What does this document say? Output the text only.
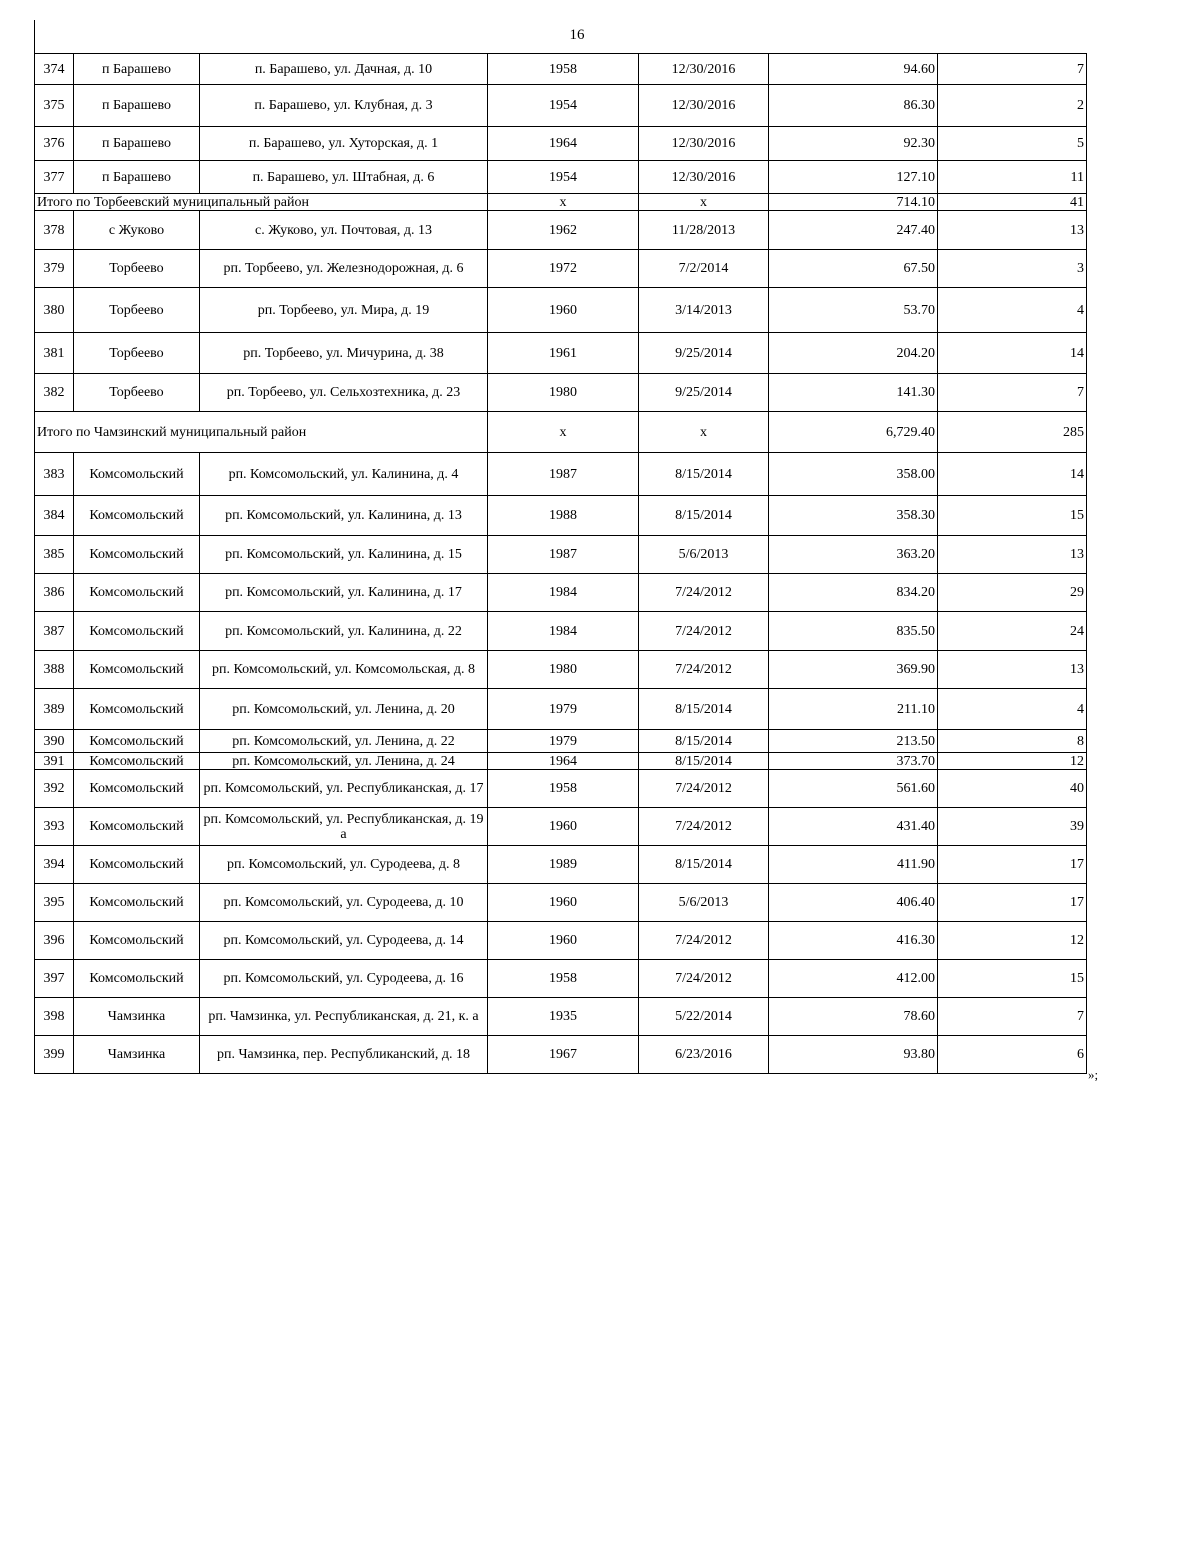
16
374	п Барашево	п. Барашево, ул. Дачная, д. 10	1958	12/30/2016	94.60	7
375	п Барашево	п. Барашево, ул. Клубная, д. 3	1954	12/30/2016	86.30	2
376	п Барашево	п. Барашево, ул. Хуторская, д. 1	1964	12/30/2016	92.30	5
377	п Барашево	п. Барашево, ул. Штабная, д. 6	1954	12/30/2016	127.10	11
Итого по Торбеевский муниципальный район			x	x	714.10	41
378	с Жуково	с. Жуково, ул. Почтовая, д. 13	1962	11/28/2013	247.40	13
379	Торбеево	рп. Торбеево, ул. Железнодорожная, д. 6	1972	7/2/2014	67.50	3
380	Торбеево	рп. Торбеево, ул. Мира, д. 19	1960	3/14/2013	53.70	4
381	Торбеево	рп. Торбеево, ул. Мичурина, д. 38	1961	9/25/2014	204.20	14
382	Торбеево	рп. Торбеево, ул. Сельхозтехника, д. 23	1980	9/25/2014	141.30	7
Итого по Чамзинский муниципальный район			x	x	6,729.40	285
383	Комсомольский	рп. Комсомольский, ул. Калинина, д. 4	1987	8/15/2014	358.00	14
384	Комсомольский	рп. Комсомольский, ул. Калинина, д. 13	1988	8/15/2014	358.30	15
385	Комсомольский	рп. Комсомольский, ул. Калинина, д. 15	1987	5/6/2013	363.20	13
386	Комсомольский	рп. Комсомольский, ул. Калинина, д. 17	1984	7/24/2012	834.20	29
387	Комсомольский	рп. Комсомольский, ул. Калинина, д. 22	1984	7/24/2012	835.50	24
388	Комсомольский	рп. Комсомольский, ул. Комсомольская, д. 8	1980	7/24/2012	369.90	13
389	Комсомольский	рп. Комсомольский, ул. Ленина, д. 20	1979	8/15/2014	211.10	4
390	Комсомольский	рп. Комсомольский, ул. Ленина, д. 22	1979	8/15/2014	213.50	8
391	Комсомольский	рп. Комсомольский, ул. Ленина, д. 24	1964	8/15/2014	373.70	12
392	Комсомольский	рп. Комсомольский, ул. Республиканская, д. 17	1958	7/24/2012	561.60	40
393	Комсомольский	рп. Комсомольский, ул. Республиканская, д. 19 а	1960	7/24/2012	431.40	39
394	Комсомольский	рп. Комсомольский, ул. Суродеева, д. 8	1989	8/15/2014	411.90	17
395	Комсомольский	рп. Комсомольский, ул. Суродеева, д. 10	1960	5/6/2013	406.40	17
396	Комсомольский	рп. Комсомольский, ул. Суродеева, д. 14	1960	7/24/2012	416.30	12
397	Комсомольский	рп. Комсомольский, ул. Суродеева, д. 16	1958	7/24/2012	412.00	15
398	Чамзинка	рп. Чамзинка, ул. Республиканская, д. 21, к. а	1935	5/22/2014	78.60	7
399	Чамзинка	рп. Чамзинка, пер. Республиканский, д. 18	1967	6/23/2016	93.80	6
»;
